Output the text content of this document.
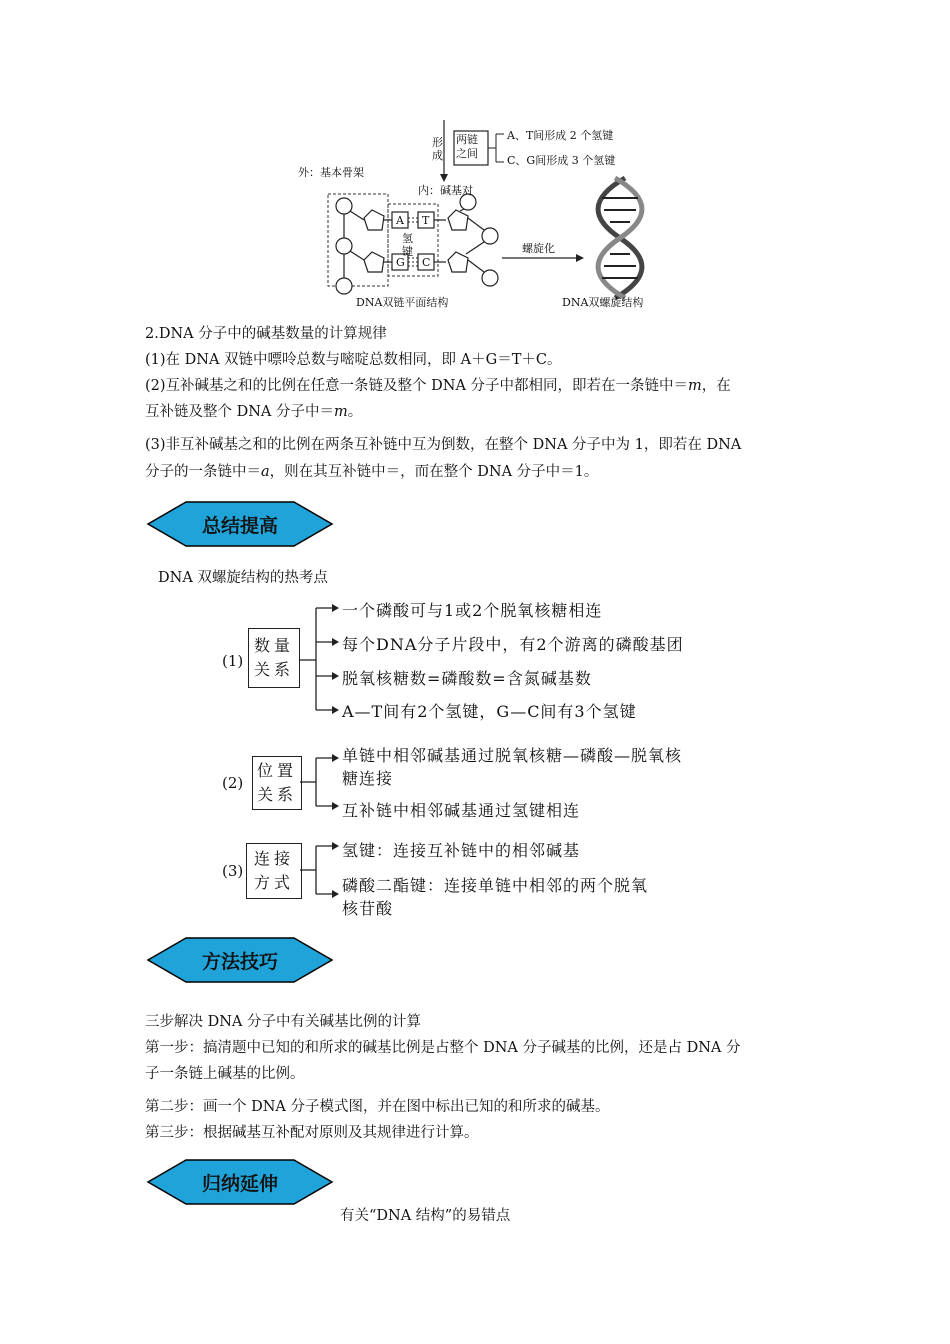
形
成
两链
之间
A、T间形成 2 个氢键
C、G间形成 3 个氢键
外：基本骨架
内：碱基对
A T
G C
氢
键	螺旋化
DNA双链平面结构	DNA双螺旋结构
2.DNA 分子中的碱基数量的计算规律
(1)在 DNA 双链中嘌呤总数与嘧啶总数相同，即 A＋G＝T＋C。
(2)互补碱基之和的比例在任意一条链及整个 DNA 分子中都相同，即若在一条链中＝m，在
互补链及整个 DNA 分子中＝m。
(3)非互补碱基之和的比例在两条互补链中互为倒数，在整个 DNA 分子中为 1，即若在 DNA
分子的一条链中＝a，则在其互补链中＝，而在整个 DNA 分子中＝1。
总结提高
DNA 双螺旋结构的热考点
(1)
数量
关系
一个磷酸可与1或2个脱氧核糖相连
每个DNA分子片段中，有2个游离的磷酸基团
脱氧核糖数=磷酸数=含氮碱基数
A—T间有2个氢键，G—C间有3个氢键
(2)
位置
关系
单链中相邻碱基通过脱氧核糖—磷酸—脱氧核
糖连接
互补链中相邻碱基通过氢键相连
(3)
连接
方式
氢键：连接互补链中的相邻碱基
磷酸二酯键：连接单链中相邻的两个脱氧
核苷酸
方法技巧
三步解决 DNA 分子中有关碱基比例的计算
第一步：搞清题中已知的和所求的碱基比例是占整个 DNA 分子碱基的比例，还是占 DNA 分
子一条链上碱基的比例。
第二步：画一个 DNA 分子模式图，并在图中标出已知的和所求的碱基。
第三步：根据碱基互补配对原则及其规律进行计算。
归纳延伸
有关“DNA 结构”的易错点
